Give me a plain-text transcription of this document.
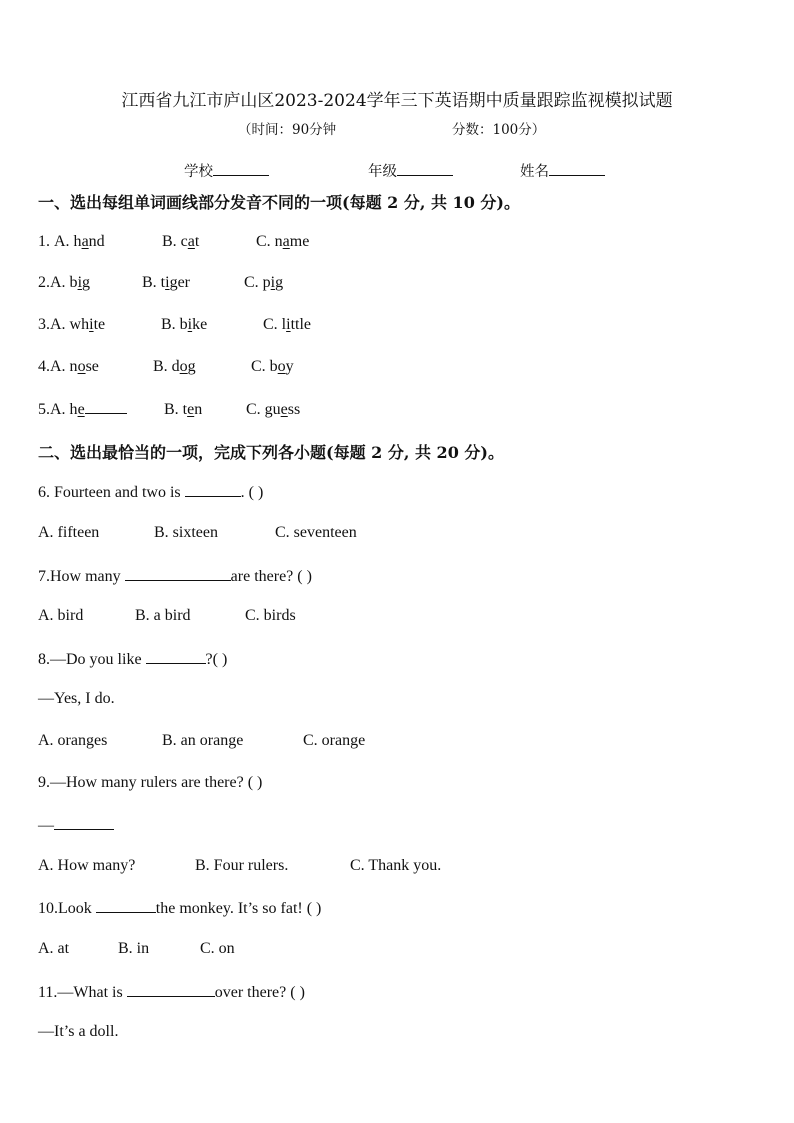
江西省九江市庐山区2023-2024学年三下英语期中质量跟踪监视模拟试题
（时间：90分钟	分数：100分）
学校	年级	姓名
一、选出每组单词画线部分发音不同的一项(每题 2 分, 共 10 分)。
1. A. hand	B. cat	C. name
2.A. big	B. tiger	C. pig
3.A. white	B. bike	C. little
4.A. nose	B. dog	C. boy
5.A. he	B. ten	C. guess
二、选出最恰当的一项，完成下列各小题(每题 2 分, 共 20 分)。
6. Fourteen and two is	. ( )
A. fifteen	B. sixteen	C. seventeen
7.How many	are there? ( )
A. bird	B. a bird	C. birds
8.—Do you like	?( )
—Yes, I do.
A. oranges	B. an orange	C. orange
9.—How many rulers are there? ( )
—
A. How many?	B. Four rulers.	C. Thank you.
10.Look	the monkey. It’s so fat! ( )
A. at	B. in	C. on
11.—What is	over there? ( )
—It’s a doll.
